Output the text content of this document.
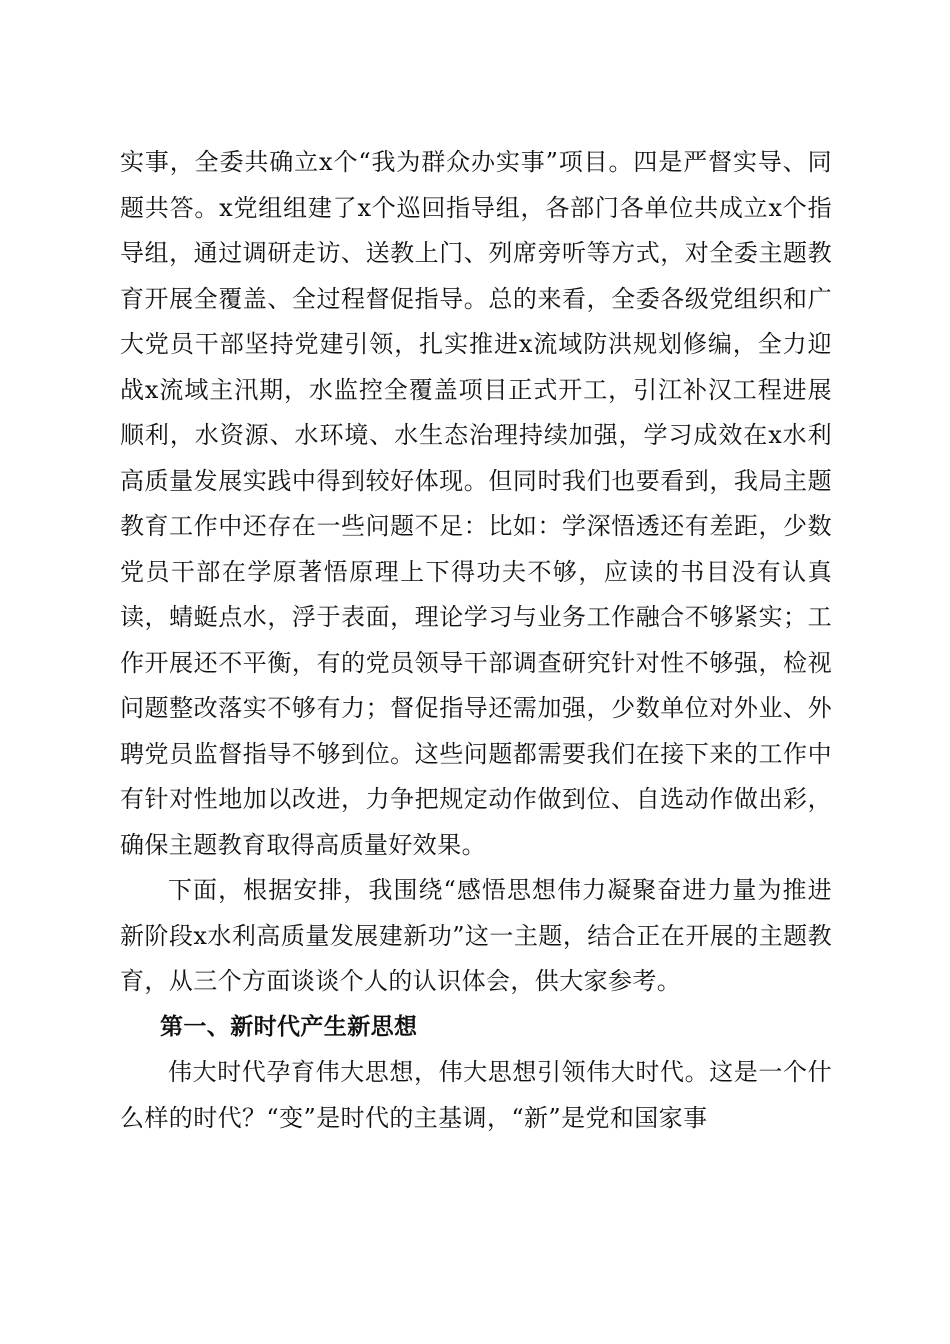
实事，全委共确立x个“我为群众办实事”项目。四是严督实导、同题共答。x党组组建了x个巡回指导组，各部门各单位共成立x个指导组，通过调研走访、送教上门、列席旁听等方式，对全委主题教育开展全覆盖、全过程督促指导。总的来看，全委各级党组织和广大党员干部坚持党建引领，扎实推进x流域防洪规划修编，全力迎战x流域主汛期，水监控全覆盖项目正式开工，引江补汉工程进展顺利，水资源、水环境、水生态治理持续加强，学习成效在x水利高质量发展实践中得到较好体现。但同时我们也要看到，我局主题教育工作中还存在一些问题不足：比如：学深悟透还有差距，少数党员干部在学原著悟原理上下得功夫不够，应读的书目没有认真读，蜻蜓点水，浮于表面，理论学习与业务工作融合不够紧实；工作开展还不平衡，有的党员领导干部调查研究针对性不够强，检视问题整改落实不够有力；督促指导还需加强，少数单位对外业、外聘党员监督指导不够到位。这些问题都需要我们在接下来的工作中有针对性地加以改进，力争把规定动作做到位、自选动作做出彩，确保主题教育取得高质量好效果。

下面，根据安排，我围绕“感悟思想伟力凝聚奋进力量为推进新阶段x水利高质量发展建新功”这一主题，结合正在开展的主题教育，从三个方面谈谈个人的认识体会，供大家参考。

第一、新时代产生新思想

伟大时代孕育伟大思想，伟大思想引领伟大时代。这是一个什么样的时代？“变”是时代的主基调，“新”是党和国家事
